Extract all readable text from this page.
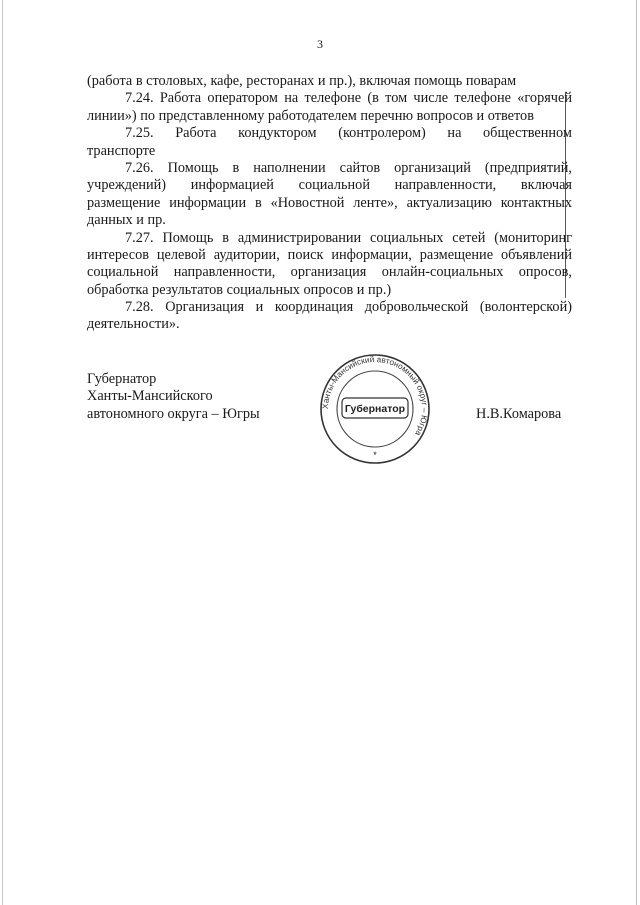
3
(работа в столовых, кафе, ресторанах и пр.), включая помощь поварам
7.24. Работа оператором на телефоне (в том числе телефоне «горячей
линии») по представленному работодателем перечню вопросов и ответов
7.25. Работа кондуктором (контролером) на общественном
транспорте
7.26. Помощь в наполнении сайтов организаций (предприятий,
учреждений) информацией социальной направленности, включая
размещение информации в «Новостной ленте», актуализацию контактных
данных и пр.
7.27. Помощь в администрировании социальных сетей (мониторинг
интересов целевой аудитории, поиск информации, размещение объявлений
социальной направленности, организация онлайн-социальных опросов,
обработка результатов социальных опросов и пр.)
7.28. Организация и координация добровольческой (волонтерской)
деятельности».
Губернатор
Ханты-Мансийского
автономного округа – Югры	Ханты-Мансийский автономный округ – Югра
Губернатор
*
Н.В.Комарова
